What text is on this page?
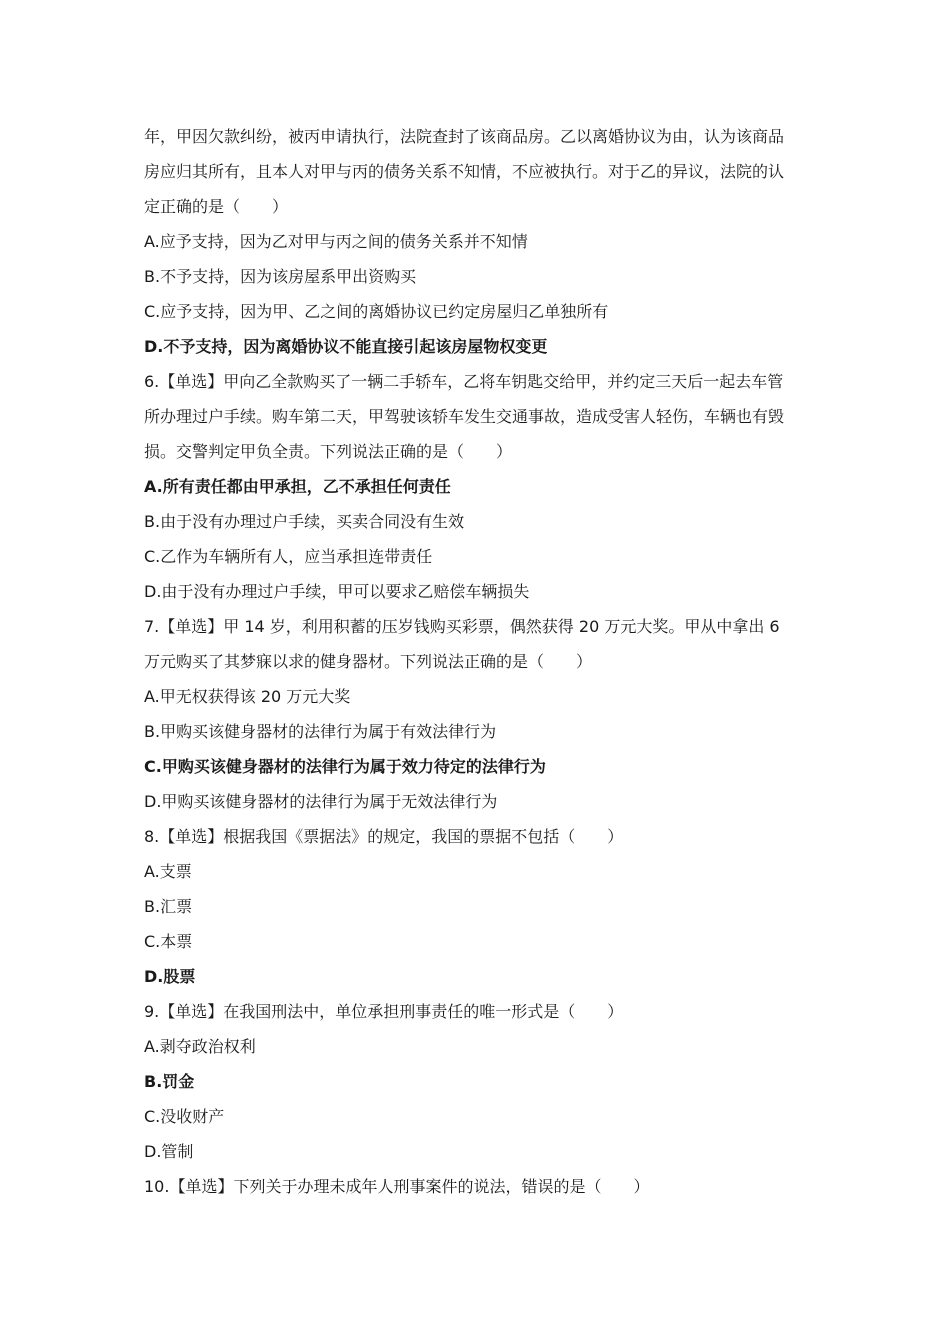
年，甲因欠款纠纷，被丙申请执行，法院查封了该商品房。乙以离婚协议为由，认为该商品
房应归其所有，且本人对甲与丙的债务关系不知情，不应被执行。对于乙的异议，法院的认
定正确的是（　　）
A.应予支持，因为乙对甲与丙之间的债务关系并不知情
B.不予支持，因为该房屋系甲出资购买
C.应予支持，因为甲、乙之间的离婚协议已约定房屋归乙单独所有
D.不予支持，因为离婚协议不能直接引起该房屋物权变更
6.【单选】甲向乙全款购买了一辆二手轿车，乙将车钥匙交给甲，并约定三天后一起去车管
所办理过户手续。购车第二天，甲驾驶该轿车发生交通事故，造成受害人轻伤，车辆也有毁
损。交警判定甲负全责。下列说法正确的是（　　）
A.所有责任都由甲承担，乙不承担任何责任
B.由于没有办理过户手续，买卖合同没有生效
C.乙作为车辆所有人，应当承担连带责任
D.由于没有办理过户手续，甲可以要求乙赔偿车辆损失
7.【单选】甲 14 岁，利用积蓄的压岁钱购买彩票，偶然获得 20 万元大奖。甲从中拿出 6
万元购买了其梦寐以求的健身器材。下列说法正确的是（　　）
A.甲无权获得该 20 万元大奖
B.甲购买该健身器材的法律行为属于有效法律行为
C.甲购买该健身器材的法律行为属于效力待定的法律行为
D.甲购买该健身器材的法律行为属于无效法律行为
8.【单选】根据我国《票据法》的规定，我国的票据不包括（　　）
A.支票
B.汇票
C.本票
D.股票
9.【单选】在我国刑法中，单位承担刑事责任的唯一形式是（　　）
A.剥夺政治权利
B.罚金
C.没收财产
D.管制
10.【单选】下列关于办理未成年人刑事案件的说法，错误的是（　　）
